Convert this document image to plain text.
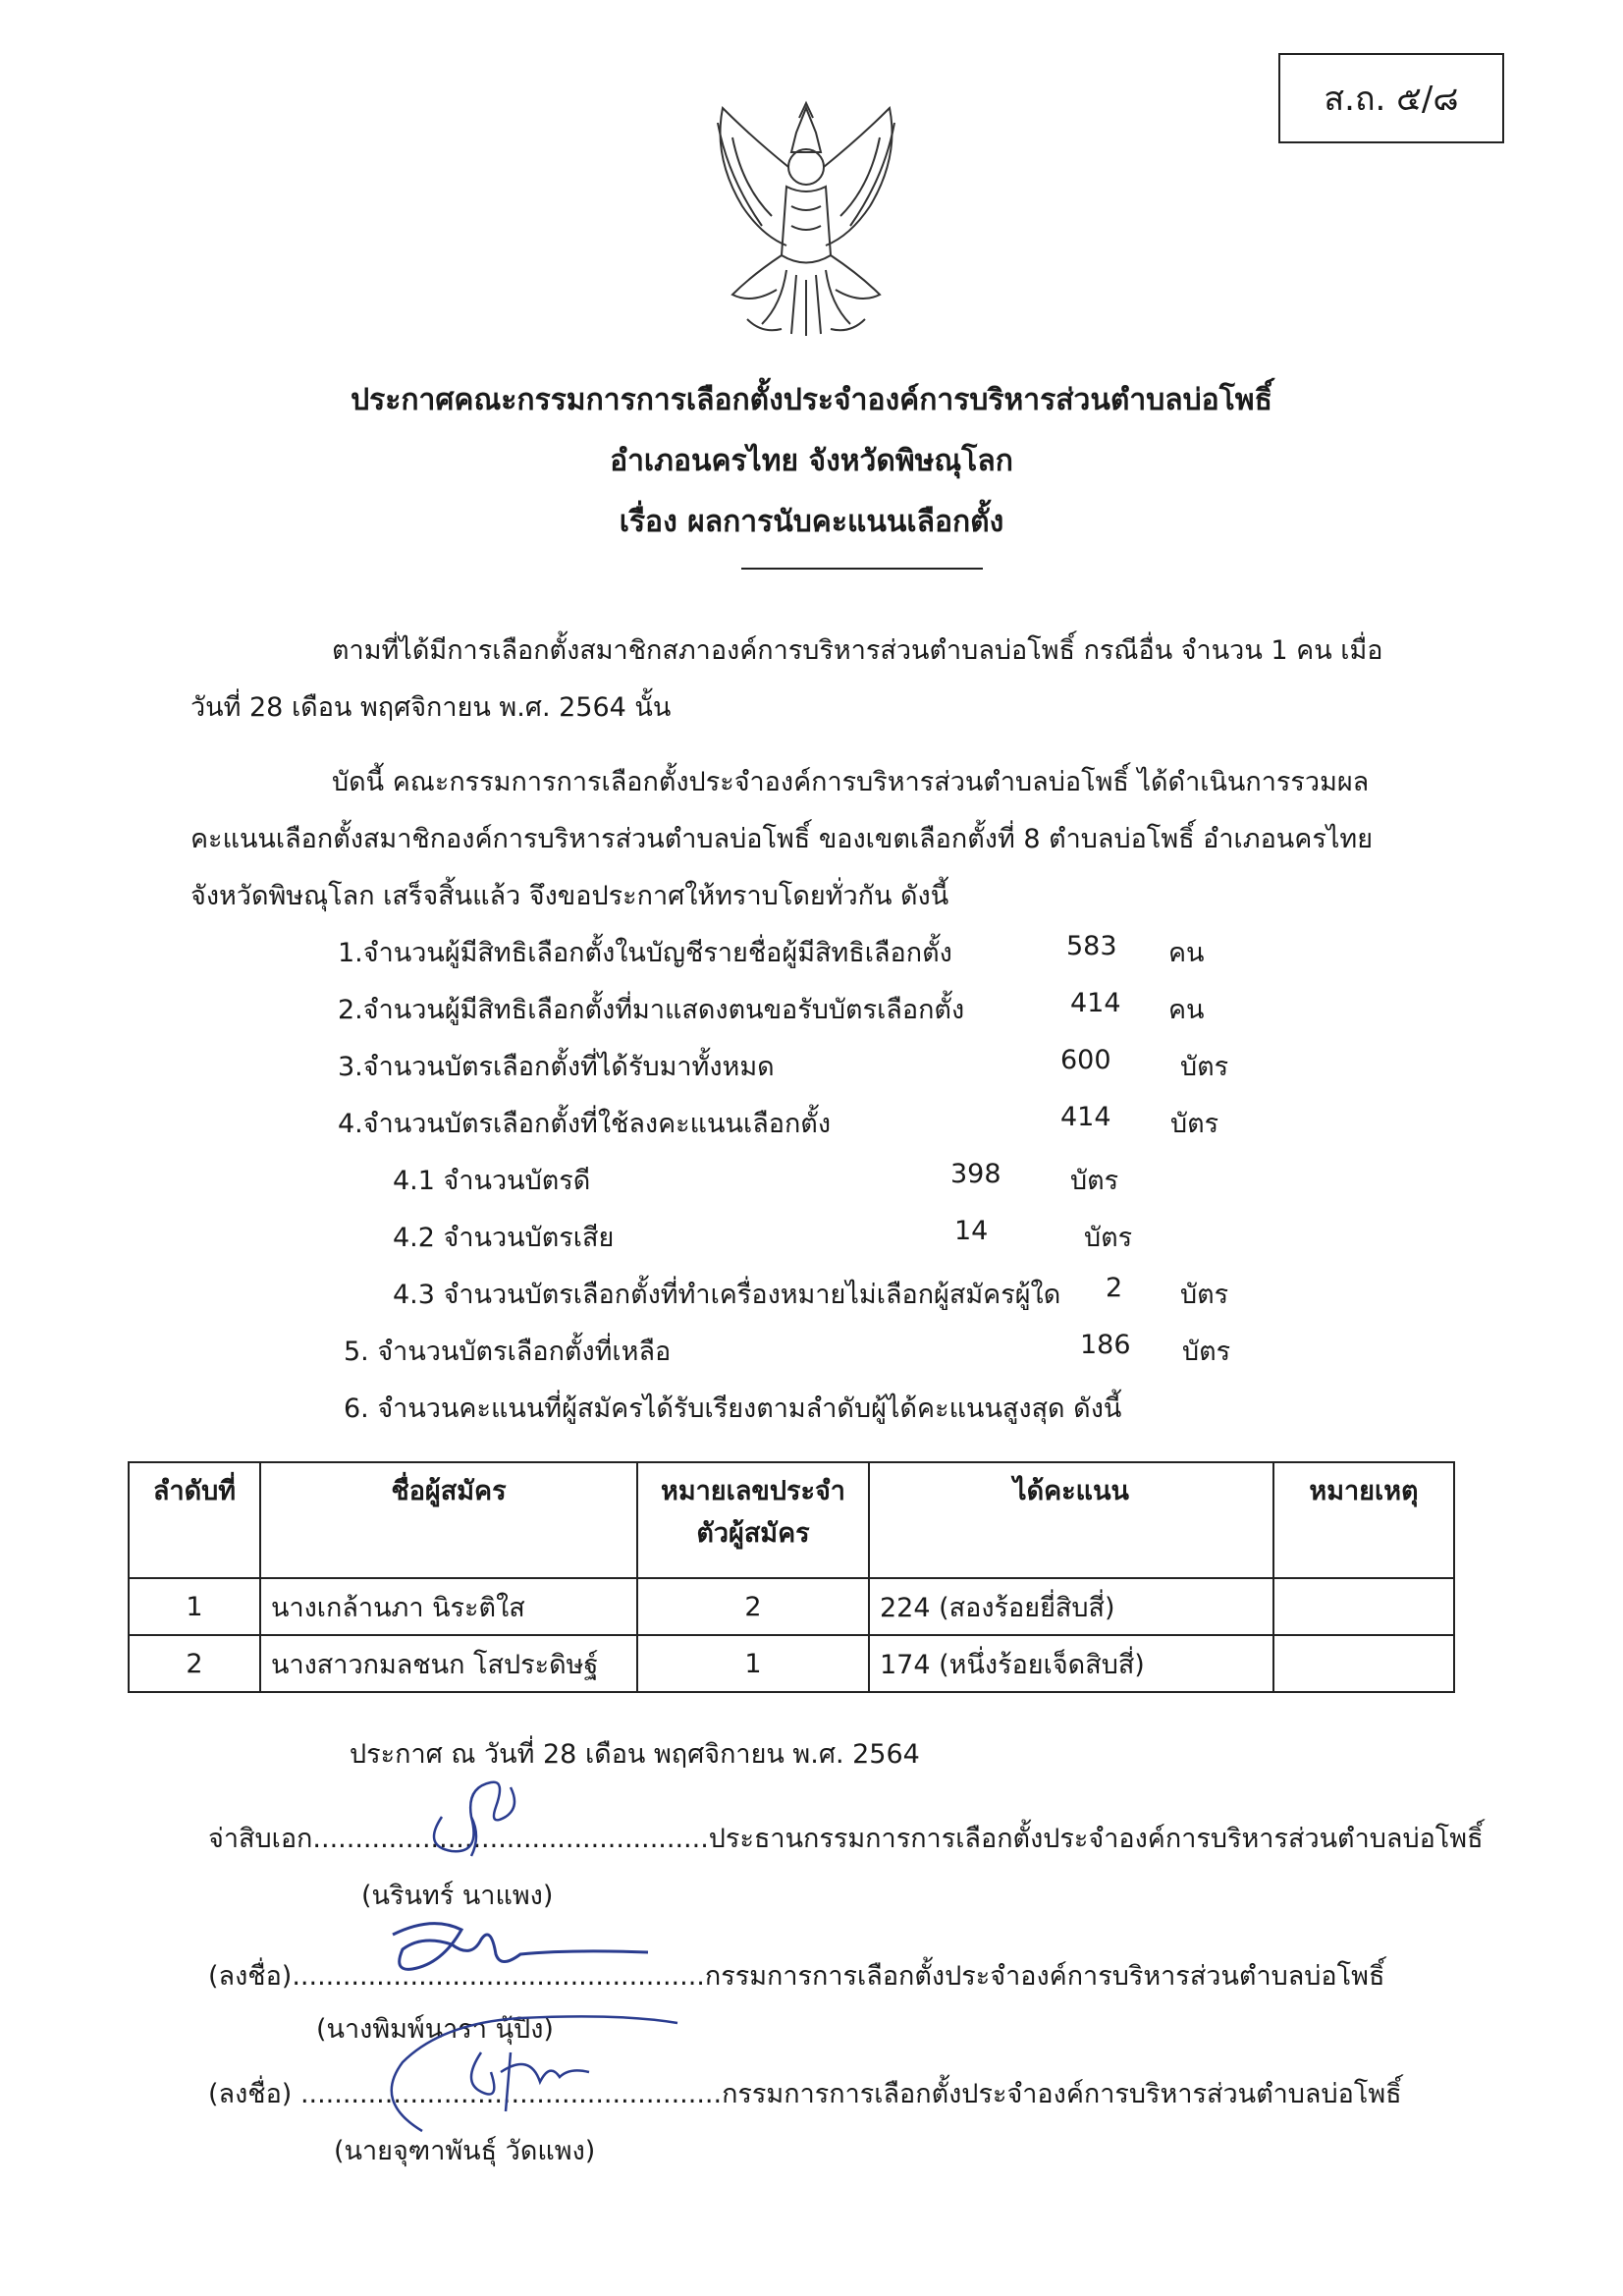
ส.ถ. ๕/๘
ประกาศคณะกรรมการการเลือกตั้งประจำองค์การบริหารส่วนตำบลบ่อโพธิ์
อำเภอนครไทย จังหวัดพิษณุโลก
เรื่อง ผลการนับคะแนนเลือกตั้ง
ตามที่ได้มีการเลือกตั้งสมาชิกสภาองค์การบริหารส่วนตำบลบ่อโพธิ์ กรณีอื่น จำนวน 1 คน เมื่อ
วันที่ 28 เดือน พฤศจิกายน พ.ศ. 2564 นั้น
บัดนี้ คณะกรรมการการเลือกตั้งประจำองค์การบริหารส่วนตำบลบ่อโพธิ์ ได้ดำเนินการรวมผล
คะแนนเลือกตั้งสมาชิกองค์การบริหารส่วนตำบลบ่อโพธิ์ ของเขตเลือกตั้งที่ 8 ตำบลบ่อโพธิ์ อำเภอนครไทย
จังหวัดพิษณุโลก เสร็จสิ้นแล้ว จึงขอประกาศให้ทราบโดยทั่วกัน ดังนี้
1.จำนวนผู้มีสิทธิเลือกตั้งในบัญชีรายชื่อผู้มีสิทธิเลือกตั้ง	583 คน
2.จำนวนผู้มีสิทธิเลือกตั้งที่มาแสดงตนขอรับบัตรเลือกตั้ง	414 คน
3.จำนวนบัตรเลือกตั้งที่ได้รับมาทั้งหมด	600	บัตร
4.จำนวนบัตรเลือกตั้งที่ใช้ลงคะแนนเลือกตั้ง	414 บัตร
4.1 จำนวนบัตรดี	398	บัตร
4.2 จำนวนบัตรเสีย	14	บัตร
4.3 จำนวนบัตรเลือกตั้งที่ทำเครื่องหมายไม่เลือกผู้สมัครผู้ใด 2 บัตร
5. จำนวนบัตรเลือกตั้งที่เหลือ	186 บัตร
6. จำนวนคะแนนที่ผู้สมัครได้รับเรียงตามลำดับผู้ได้คะแนนสูงสุด ดังนี้
ลำดับที่	ชื่อผู้สมัคร	หมายเลขประจำตัวผู้สมัคร	ได้คะแนน	หมายเหตุ
1	นางเกล้านภา นิระติใส	2	224 (สองร้อยยี่สิบสี่)	
2	นางสาวกมลชนก โสประดิษฐ์	1	174 (หนึ่งร้อยเจ็ดสิบสี่)	
ประกาศ ณ วันที่ 28 เดือน พฤศจิกายน พ.ศ. 2564
จ่าสิบเอก...............................................ประธานกรรมการการเลือกตั้งประจำองค์การบริหารส่วนตำบลบ่อโพธิ์
(นรินทร์ นาแพง)
(ลงชื่อ).................................................กรรมการการเลือกตั้งประจำองค์การบริหารส่วนตำบลบ่อโพธิ์
(นางพิมพ์นารา นุ้ปิง)
(ลงชื่อ) ..................................................กรรมการการเลือกตั้งประจำองค์การบริหารส่วนตำบลบ่อโพธิ์
(นายจุฑาพันธุ์ วัดแพง)
